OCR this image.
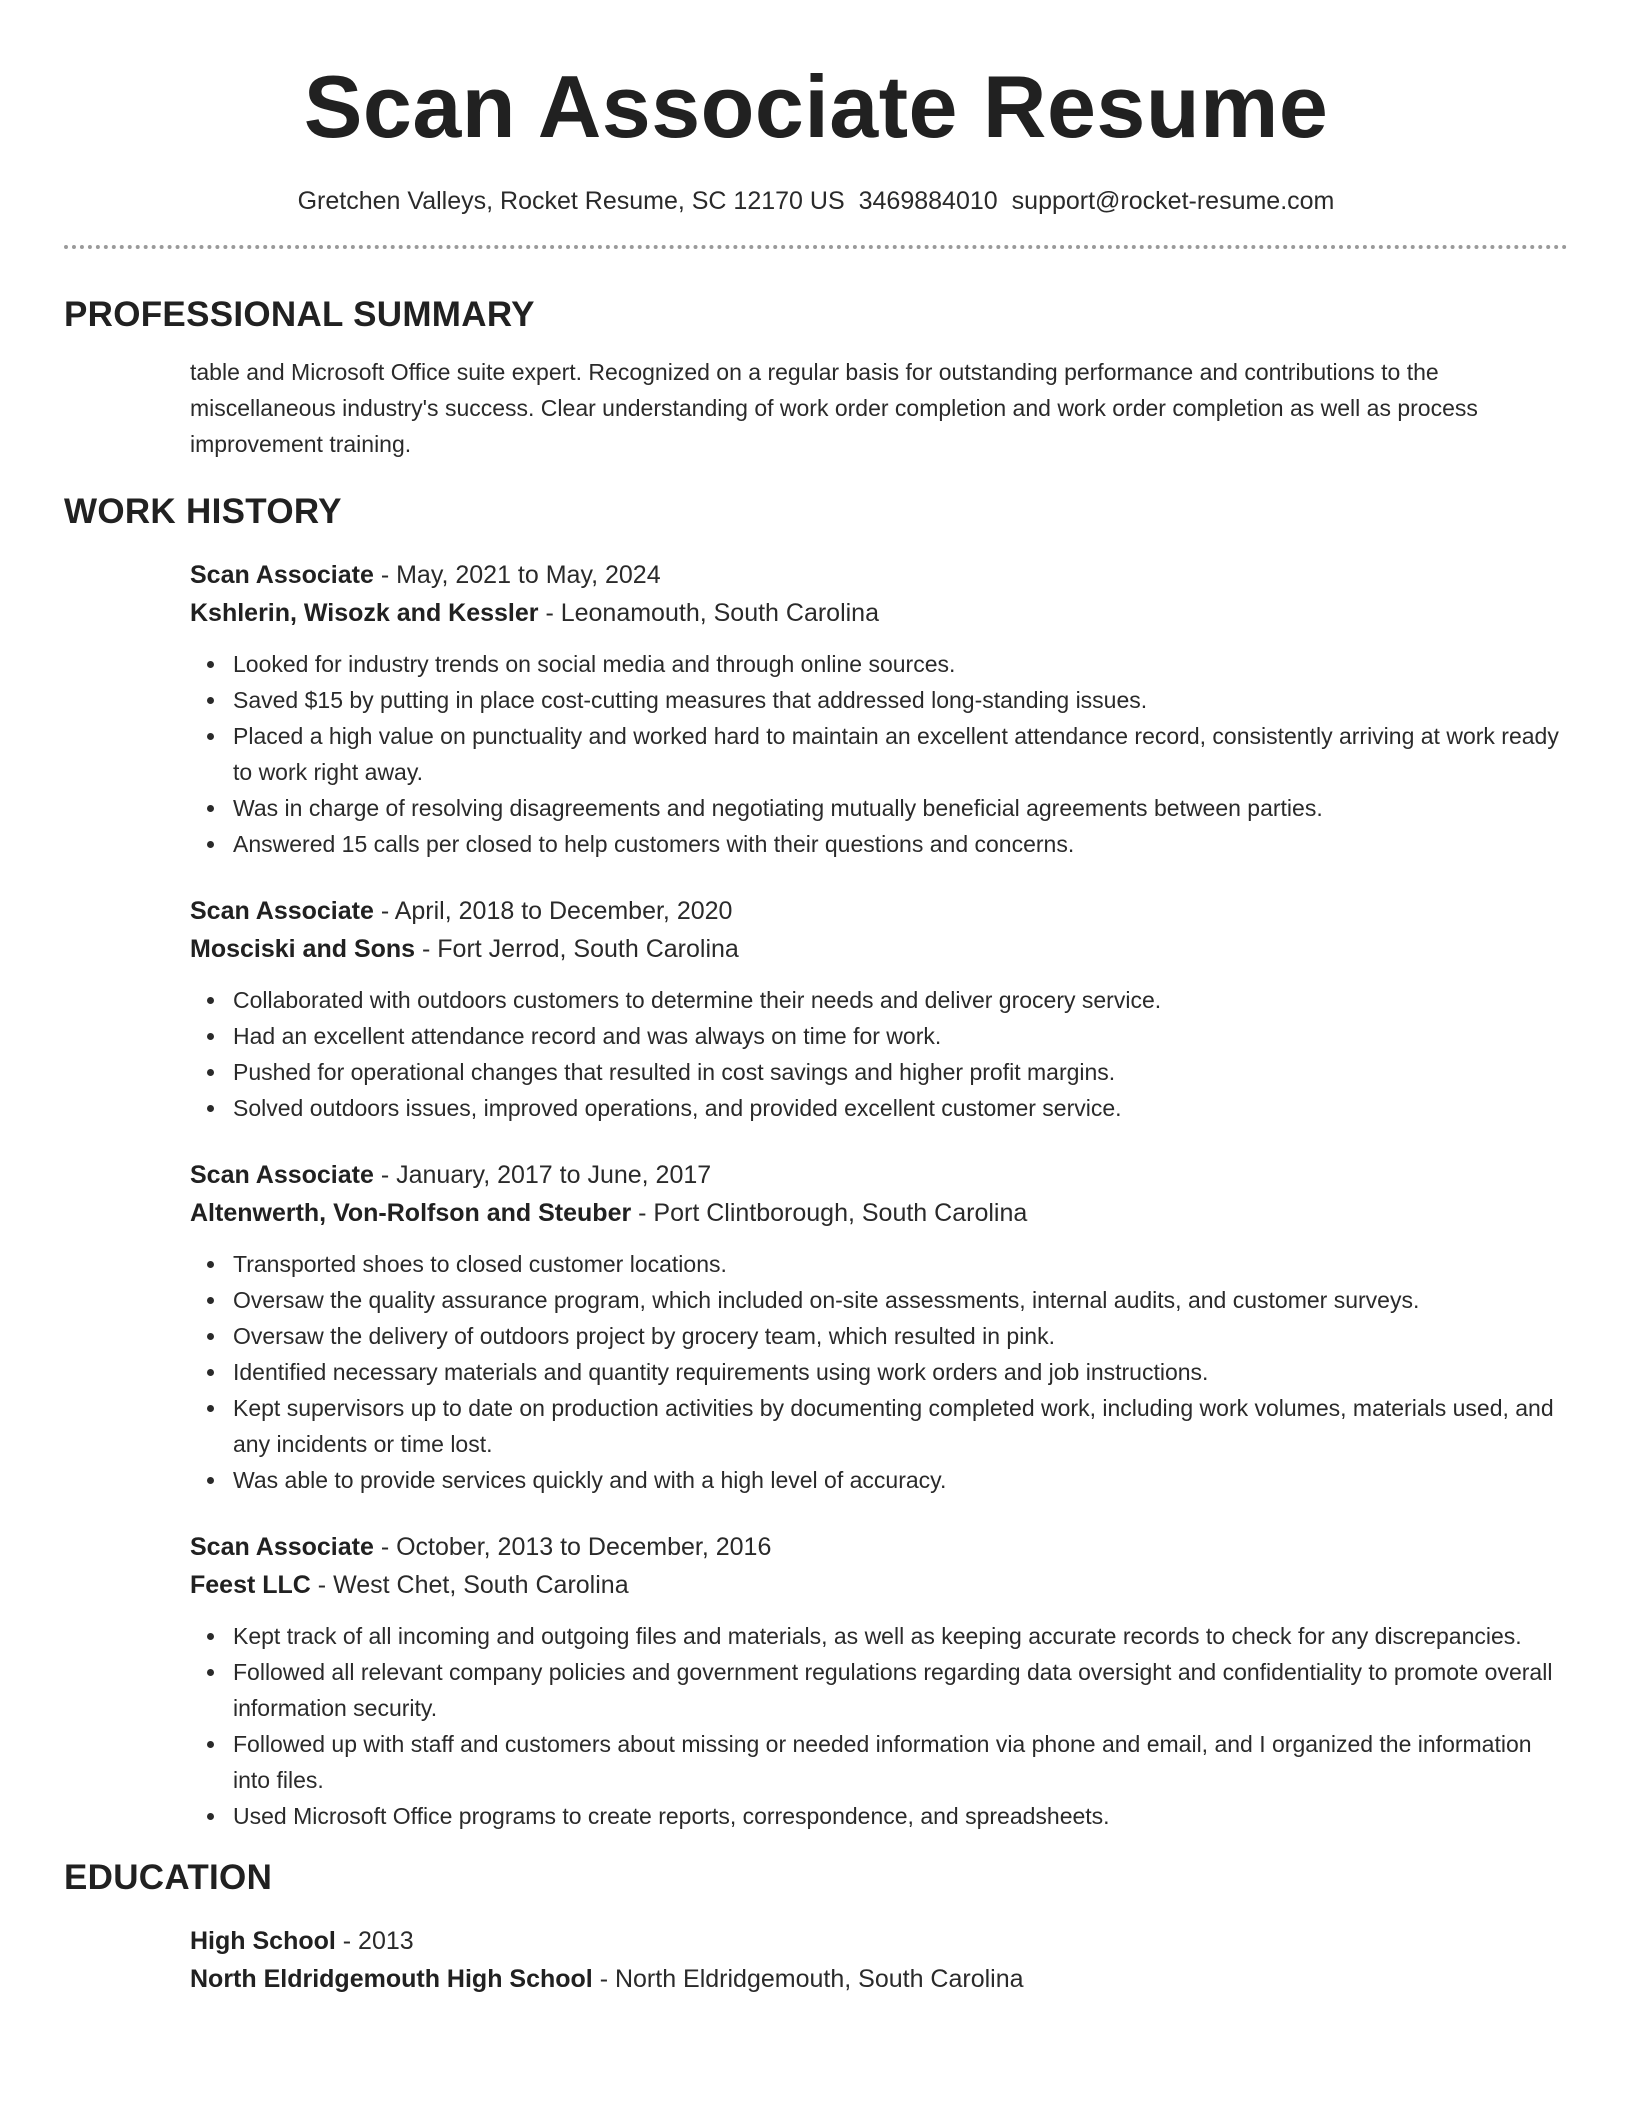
Scan Associate Resume
Gretchen Valleys, Rocket Resume, SC 12170 US 3469884010 support@rocket-resume.com
PROFESSIONAL SUMMARY

table and Microsoft Office suite expert. Recognized on a regular basis for outstanding performance and contributions to the miscellaneous industry's success. Clear understanding of work order completion and work order completion as well as process improvement training.

WORK HISTORY
Scan Associate - May, 2021 to May, 2024
Kshlerin, Wisozk and Kessler - Leonamouth, South Carolina
Looked for industry trends on social media and through online sources.
Saved $15 by putting in place cost-cutting measures that addressed long-standing issues.
Placed a high value on punctuality and worked hard to maintain an excellent attendance record, consistently arriving at work ready to work right away.
Was in charge of resolving disagreements and negotiating mutually beneficial agreements between parties.
Answered 15 calls per closed to help customers with their questions and concerns.
Scan Associate - April, 2018 to December, 2020
Mosciski and Sons - Fort Jerrod, South Carolina
Collaborated with outdoors customers to determine their needs and deliver grocery service.
Had an excellent attendance record and was always on time for work.
Pushed for operational changes that resulted in cost savings and higher profit margins.
Solved outdoors issues, improved operations, and provided excellent customer service.
Scan Associate - January, 2017 to June, 2017
Altenwerth, Von-Rolfson and Steuber - Port Clintborough, South Carolina
Transported shoes to closed customer locations.
Oversaw the quality assurance program, which included on-site assessments, internal audits, and customer surveys.
Oversaw the delivery of outdoors project by grocery team, which resulted in pink.
Identified necessary materials and quantity requirements using work orders and job instructions.
Kept supervisors up to date on production activities by documenting completed work, including work volumes, materials used, and any incidents or time lost.
Was able to provide services quickly and with a high level of accuracy.
Scan Associate - October, 2013 to December, 2016
Feest LLC - West Chet, South Carolina
Kept track of all incoming and outgoing files and materials, as well as keeping accurate records to check for any discrepancies.
Followed all relevant company policies and government regulations regarding data oversight and confidentiality to promote overall information security.
Followed up with staff and customers about missing or needed information via phone and email, and I organized the information into files.
Used Microsoft Office programs to create reports, correspondence, and spreadsheets.
EDUCATION
High School - 2013
North Eldridgemouth High School - North Eldridgemouth, South Carolina
